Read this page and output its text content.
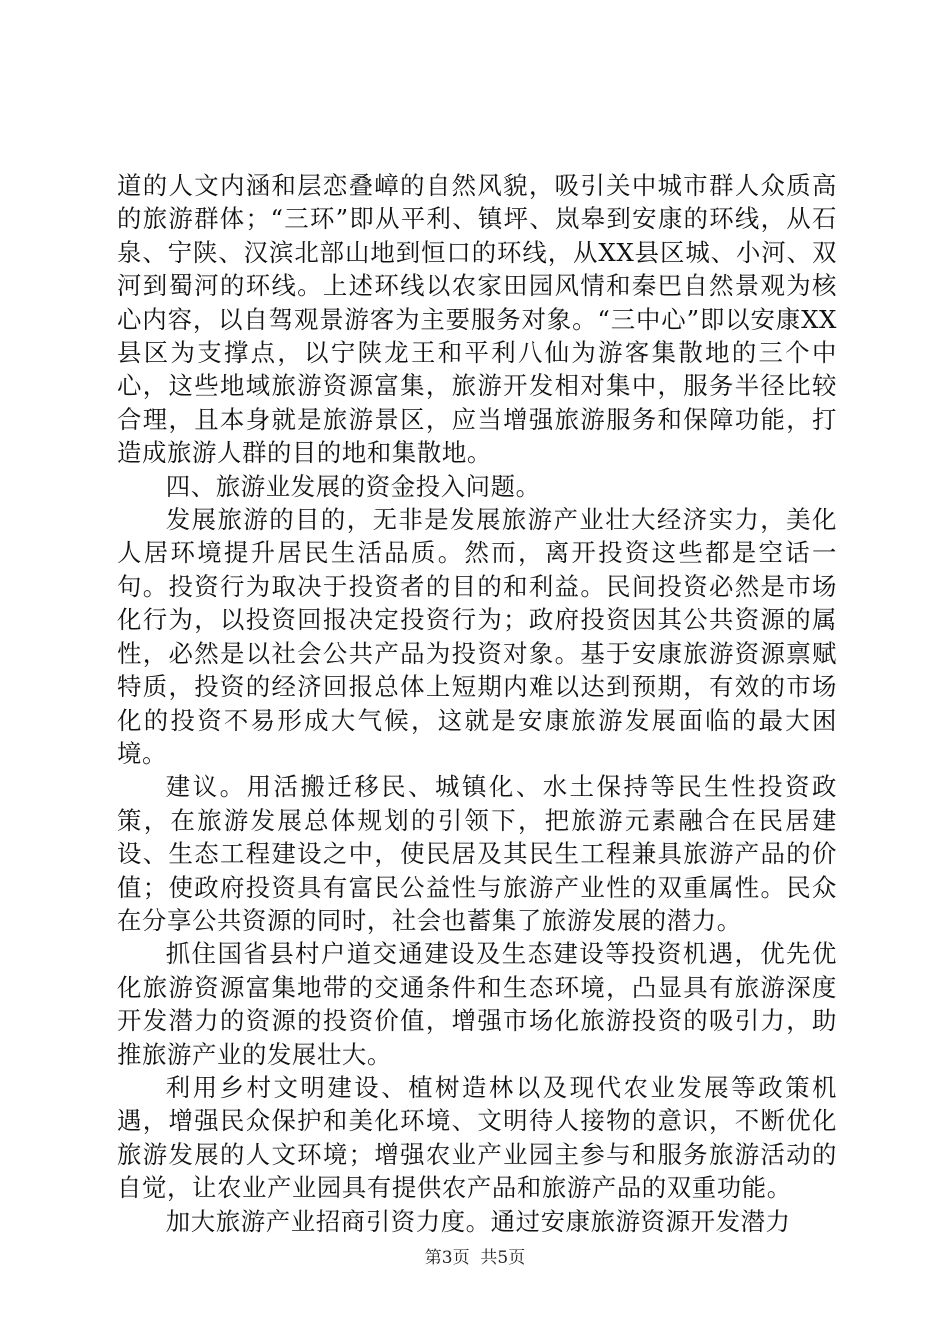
道的人文内涵和层恋叠嶂的自然风貌，吸引关中城市群人众质高的旅游群体；“三环”即从平利、镇坪、岚皋到安康的环线，从石泉、宁陕、汉滨北部山地到恒口的环线，从XX县区城、小河、双河到蜀河的环线。上述环线以农家田园风情和秦巴自然景观为核心内容，以自驾观景游客为主要服务对象。“三中心”即以安康XX县区为支撑点，以宁陕龙王和平利八仙为游客集散地的三个中心，这些地域旅游资源富集，旅游开发相对集中，服务半径比较合理，且本身就是旅游景区，应当增强旅游服务和保障功能，打造成旅游人群的目的地和集散地。

四、旅游业发展的资金投入问题。

发展旅游的目的，无非是发展旅游产业壮大经济实力，美化人居环境提升居民生活品质。然而，离开投资这些都是空话一句。投资行为取决于投资者的目的和利益。民间投资必然是市场化行为，以投资回报决定投资行为；政府投资因其公共资源的属性，必然是以社会公共产品为投资对象。基于安康旅游资源禀赋特质，投资的经济回报总体上短期内难以达到预期，有效的市场化的投资不易形成大气候，这就是安康旅游发展面临的最大困境。

建议。用活搬迁移民、城镇化、水土保持等民生性投资政策，在旅游发展总体规划的引领下，把旅游元素融合在民居建设、生态工程建设之中，使民居及其民生工程兼具旅游产品的价值；使政府投资具有富民公益性与旅游产业性的双重属性。民众在分享公共资源的同时，社会也蓄集了旅游发展的潜力。

抓住国省县村户道交通建设及生态建设等投资机遇，优先优化旅游资源富集地带的交通条件和生态环境，凸显具有旅游深度开发潜力的资源的投资价值，增强市场化旅游投资的吸引力，助推旅游产业的发展壮大。

利用乡村文明建设、植树造林以及现代农业发展等政策机遇，增强民众保护和美化环境、文明待人接物的意识，不断优化旅游发展的人文环境；增强农业产业园主参与和服务旅游活动的自觉，让农业产业园具有提供农产品和旅游产品的双重功能。

加大旅游产业招商引资力度。通过安康旅游资源开发潜力

第3页  共5页
